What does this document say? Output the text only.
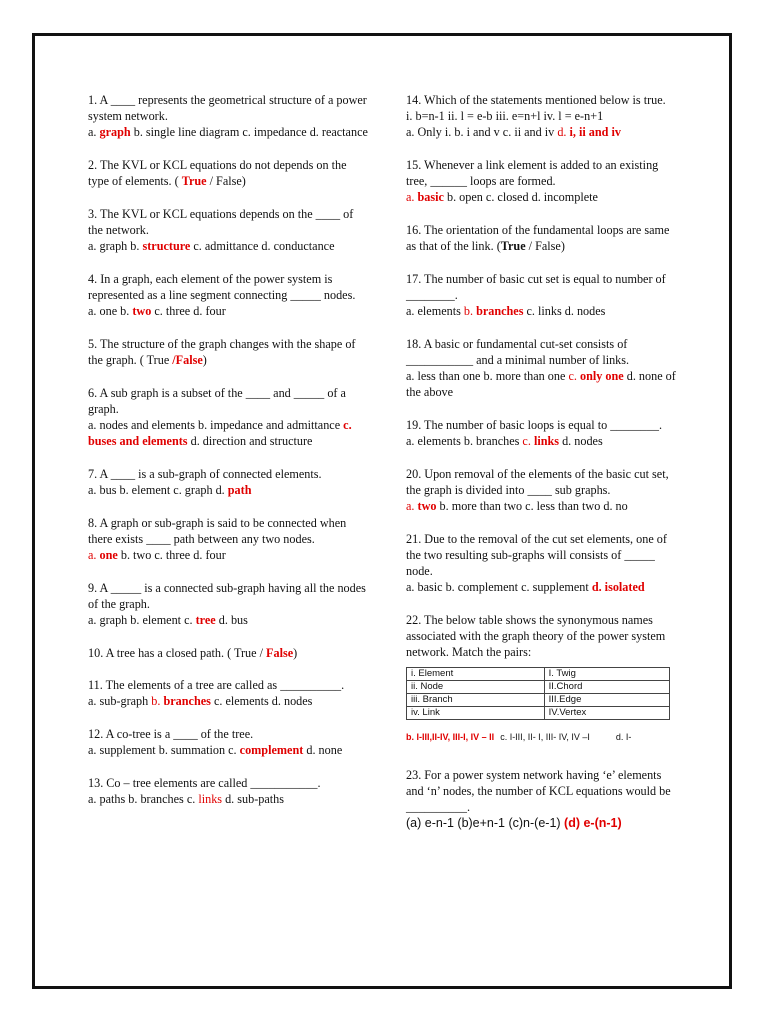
1. A ____ represents the geometrical structure of a power system network.
a. graph b. single line diagram c. impedance d. reactance
2. The KVL or KCL equations do not depends on the type of elements. ( True / False)
3. The KVL or KCL equations depends on the ____ of the network.
a. graph b. structure c. admittance d. conductance
4. In a graph, each element of the power system is represented as a line segment connecting _____ nodes.
a. one b. two c. three d. four
5. The structure of the graph changes with the shape of the graph. ( True /False)
6. A sub graph is a subset of the ____ and _____ of a graph.
a. nodes and elements b. impedance and admittance c. buses and elements d. direction and structure
7. A ____ is a sub-graph of connected elements.
a. bus b. element c. graph d. path
8. A graph or sub-graph is said to be connected when there exists ____ path between any two nodes.
a. one b. two c. three d. four
9. A _____ is a connected sub-graph having all the nodes of the graph.
a. graph b. element c. tree d. bus
10. A tree has a closed path. ( True / False)
11. The elements of a tree are called as __________.
a. sub-graph b. branches c. elements d. nodes
12. A co-tree is a ____ of the tree.
a. supplement b. summation c. complement d. none
13. Co – tree elements are called ___________.
a. paths b. branches c. links d. sub-paths
14. Which of the statements mentioned below is true.
i. b=n-1 ii. l = e-b iii. e=n+l iv. l = e-n+1
a. Only i. b. i and v c. ii and iv d. i, ii and iv
15. Whenever a link element is added to an existing tree, ______ loops are formed.
a. basic b. open c. closed d. incomplete
16. The orientation of the fundamental loops are same as that of the link. (True / False)
17. The number of basic cut set is equal to number of ________.
a. elements b. branches c. links d. nodes
18. A basic or fundamental cut-set consists of ___________ and a minimal number of links.
a. less than one b. more than one c. only one d. none of the above
19. The number of basic loops is equal to ________.
a. elements b. branches c. links d. nodes
20. Upon removal of the elements of the basic cut set, the graph is divided into ____ sub graphs.
a. two b. more than two c. less than two d. no
21. Due to the removal of the cut set elements, one of the two resulting sub-graphs will consists of _____ node.
a. basic b. complement c. supplement d. isolated
22. The below table shows the synonymous names associated with the graph theory of the power system network. Match the pairs:
i. Element	I. Twig
ii. Node	II.Chord
iii. Branch	III.Edge
iv. Link	IV.Vertex
b. I-III,II-IV, III-I, IV – II c. I-III, II- I, III- IV, IV –I	d. I-
23. For a power system network having ‘e’ elements and ‘n’ nodes, the number of KCL equations would be __________.
(a) e-n-1 (b)e+n-1 (c)n-(e-1) (d) e-(n-1)
